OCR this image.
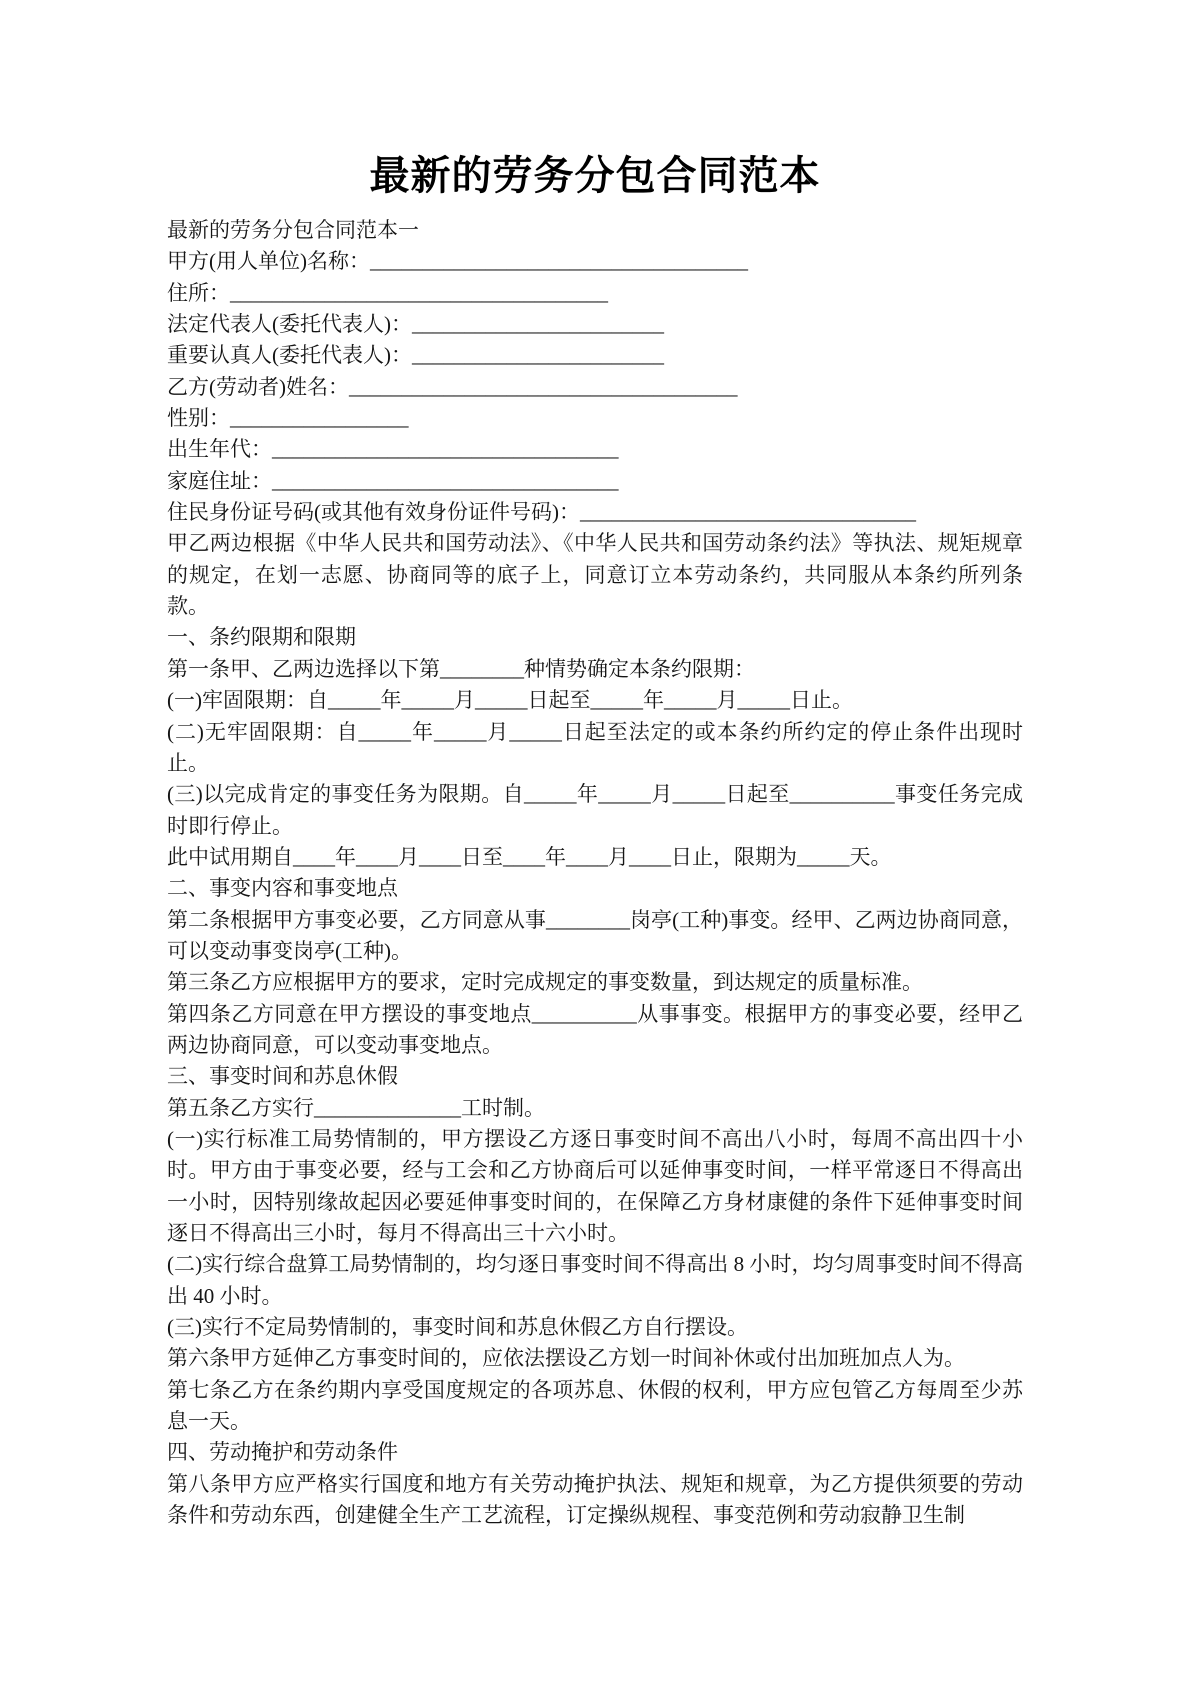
最新的劳务分包合同范本
最新的劳务分包合同范本一
甲方(用人单位)名称：____________________________________
住所：____________________________________
法定代表人(委托代表人)：________________________
重要认真人(委托代表人)：________________________
乙方(劳动者)姓名：_____________________________________
性别：_________________
出生年代：_________________________________
家庭住址：_________________________________
住民身份证号码(或其他有效身份证件号码)：________________________________
甲乙两边根据《中华人民共和国劳动法》、《中华人民共和国劳动条约法》等执法、规矩规章的规定，在划一志愿、协商同等的底子上，同意订立本劳动条约，共同服从本条约所列条款。
一、条约限期和限期
第一条甲、乙两边选择以下第________种情势确定本条约限期：
(一)牢固限期：自_____年_____月_____日起至_____年_____月_____日止。
(二)无牢固限期：自_____年_____月_____日起至法定的或本条约所约定的停止条件出现时止。
(三)以完成肯定的事变任务为限期。自_____年_____月_____日起至__________事变任务完成时即行停止。
此中试用期自____年____月____日至____年____月____日止，限期为_____天。
二、事变内容和事变地点
第二条根据甲方事变必要，乙方同意从事________岗亭(工种)事变。经甲、乙两边协商同意，可以变动事变岗亭(工种)。
第三条乙方应根据甲方的要求，定时完成规定的事变数量，到达规定的质量标准。
第四条乙方同意在甲方摆设的事变地点__________从事事变。根据甲方的事变必要，经甲乙两边协商同意，可以变动事变地点。
三、事变时间和苏息休假
第五条乙方实行______________工时制。
(一)实行标准工局势情制的，甲方摆设乙方逐日事变时间不高出八小时，每周不高出四十小时。甲方由于事变必要，经与工会和乙方协商后可以延伸事变时间，一样平常逐日不得高出一小时，因特别缘故起因必要延伸事变时间的，在保障乙方身材康健的条件下延伸事变时间逐日不得高出三小时，每月不得高出三十六小时。
(二)实行综合盘算工局势情制的，均匀逐日事变时间不得高出 8 小时，均匀周事变时间不得高出 40 小时。
(三)实行不定局势情制的，事变时间和苏息休假乙方自行摆设。
第六条甲方延伸乙方事变时间的，应依法摆设乙方划一时间补休或付出加班加点人为。
第七条乙方在条约期内享受国度规定的各项苏息、休假的权利，甲方应包管乙方每周至少苏息一天。
四、劳动掩护和劳动条件
第八条甲方应严格实行国度和地方有关劳动掩护执法、规矩和规章，为乙方提供须要的劳动条件和劳动东西，创建健全生产工艺流程，订定操纵规程、事变范例和劳动寂静卫生制
